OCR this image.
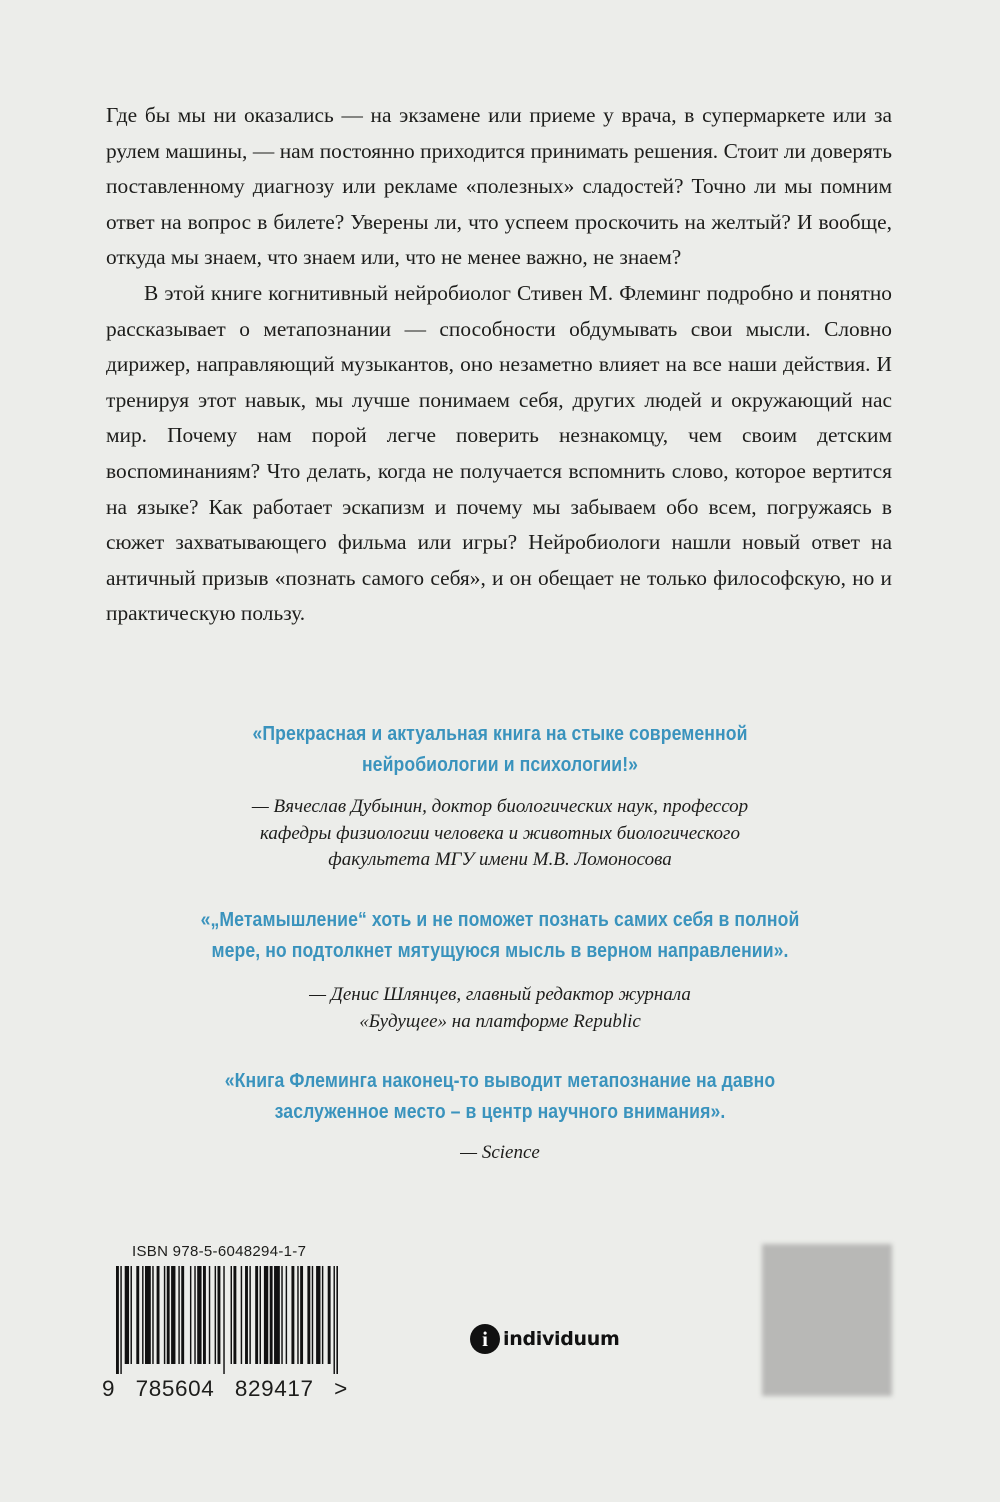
Где бы мы ни оказались — на экзамене или приеме у врача, в супермаркете или за рулем машины, — нам постоянно приходится принимать решения. Стоит ли доверять поставленному диагнозу или рекламе «полезных» сладостей? Точно ли мы помним ответ на вопрос в билете? Уверены ли, что успеем проскочить на желтый? И вообще, откуда мы знаем, что знаем или, что не менее важно, не знаем?

В этой книге когнитивный нейробиолог Стивен М. Флеминг подробно и понятно рассказывает о метапознании — способности обдумывать свои мысли. Словно дирижер, направляющий музыкантов, оно незаметно влияет на все наши действия. И тренируя этот навык, мы лучше понимаем себя, других людей и окружающий нас мир. Почему нам порой легче поверить незнакомцу, чем своим детским воспоминаниям? Что делать, когда не получается вспомнить слово, которое вертится на языке? Как работает эскапизм и почему мы забываем обо всем, погружаясь в сюжет захватывающего фильма или игры? Нейробиологи нашли новый ответ на античный призыв «познать самого себя», и он обещает не только философскую, но и практическую пользу.

«Прекрасная и актуальная книга на стыке современной
нейробиологии и психологии!»
— Вячеслав Дубынин, доктор биологических наук, профессор
кафедры физиологии человека и животных биологического
факультета МГУ имени М.В. Ломоносова
«„Метамышление“ хоть и не поможет познать самих себя в полной
мере, но подтолкнет мятущуюся мысль в верном направлении».
— Денис Шлянцев, главный редактор журнала
«Будущее» на платформе Republic
«Книга Флеминга наконец-то выводит метапознание на давно
заслуженное место – в центр научного внимания».
— Science
ISBN 978-5-6048294-1-7
9   785604   829417   >
i individuum
